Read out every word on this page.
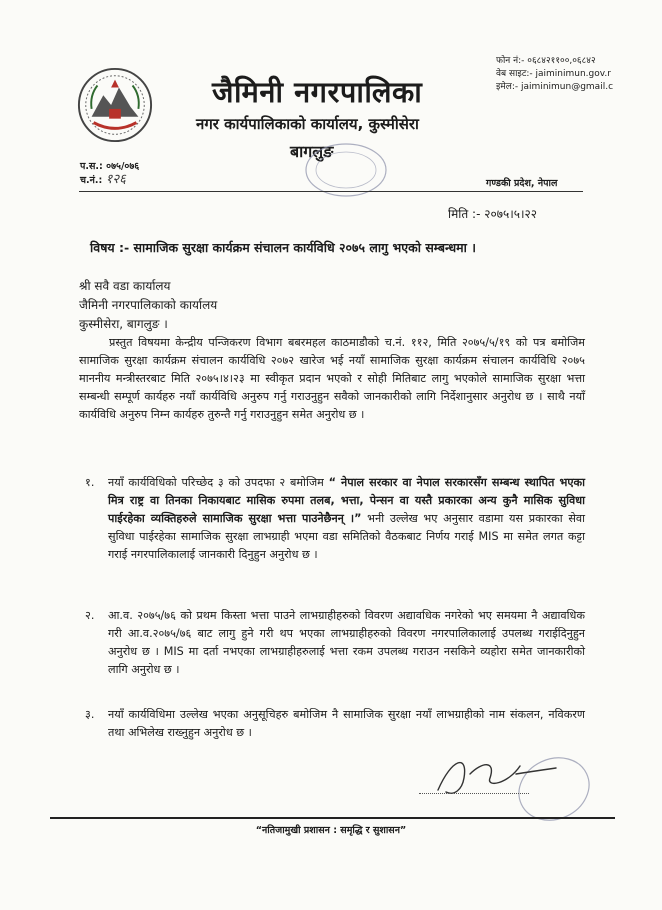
जैमिनी नगरपालिका
नगर कार्यपालिकाको कार्यालय, कुस्मीसेरा
बागलुङ
फोन नं:- ०६८४२११००,०६८४२
वेब साइट:- jaiminimun.gov.r
इमेल:- jaiminimun@gmail.c
प.स.: ०७५/०७६
च.नं.: १२६	गण्डकी प्रदेश, नेपाल
मिति :- २०७५।५।२२
विषय :- सामाजिक सुरक्षा कार्यक्रम संचालन कार्यविधि २०७५ लागु भएको सम्बन्धमा ।
श्री सवै वडा कार्यालय
जैमिनी नगरपालिकाको कार्यालय
कुस्मीसेरा, बागलुङ ।
प्रस्तुत विषयमा केन्द्रीय पन्जिकरण विभाग बबरमहल काठमाडौको च.नं. ११२, मिति २०७५/५/१९ को पत्र बमोजिम सामाजिक सुरक्षा कार्यक्रम संचालन कार्यविधि २०७२ खारेज भई नयाँ सामाजिक सुरक्षा कार्यक्रम संचालन कार्यविधि २०७५ माननीय मन्त्रीस्तरबाट मिति २०७५।४।२३ मा स्वीकृत प्रदान भएको र सोही मितिबाट लागु भएकोले सामाजिक सुरक्षा भत्ता सम्बन्धी सम्पूर्ण कार्यहरु नयाँ कार्यविधि अनुरुप गर्नु गराउनुहुन सवैको जानकारीको लागि निर्देशानुसार अनुरोध छ । साथै नयाँ कार्यविधि अनुरुप निम्न कार्यहरु तुरुन्तै गर्नु गराउनुहुन समेत अनुरोध छ ।
१. नयाँ कार्यविधिको परिच्छेद ३ को उपदफा २ बमोजिम “ नेपाल सरकार वा नेपाल सरकारसँग सम्बन्ध स्थापित भएका मित्र राष्ट्र वा तिनका निकायबाट मासिक रुपमा तलब, भत्ता, पेन्सन वा यस्तै प्रकारका अन्य कुनै मासिक सुविधा पाईरहेका व्यक्तिहरुले सामाजिक सुरक्षा भत्ता पाउनेछैनन्‌ ।” भनी उल्लेख भए अनुसार वडामा यस प्रकारका सेवा सुविधा पाईरहेका सामाजिक सुरक्षा लाभग्राही भएमा वडा समितिको वैठकबाट निर्णय गराई MIS मा समेत लगत कट्टा गराई नगरपालिकालाई जानकारी दिनुहुन अनुरोध छ ।
२. आ.व. २०७५/७६ को प्रथम किस्ता भत्ता पाउने लाभग्राहीहरुको विवरण अद्यावधिक नगरेको भए समयमा नै अद्यावधिक गरी आ.व.२०७५/७६ बाट लागु हुने गरी थप भएका लाभग्राहीहरुको विवरण नगरपालिकालाई उपलब्ध गराईदिनुहुन अनुरोध छ । MIS मा दर्ता नभएका लाभग्राहीहरुलाई भत्ता रकम उपलब्ध गराउन नसकिने व्यहोरा समेत जानकारीको लागि अनुरोध छ ।
३. नयाँ कार्यविधिमा उल्लेख भएका अनुसूचिहरु बमोजिम नै सामाजिक सुरक्षा नयाँ लाभग्राहीको नाम संकलन, नविकरण तथा अभिलेख राख्नुहुन अनुरोध छ ।
“नतिजामुखी प्रशासन : समृद्धि र सुशासन”
